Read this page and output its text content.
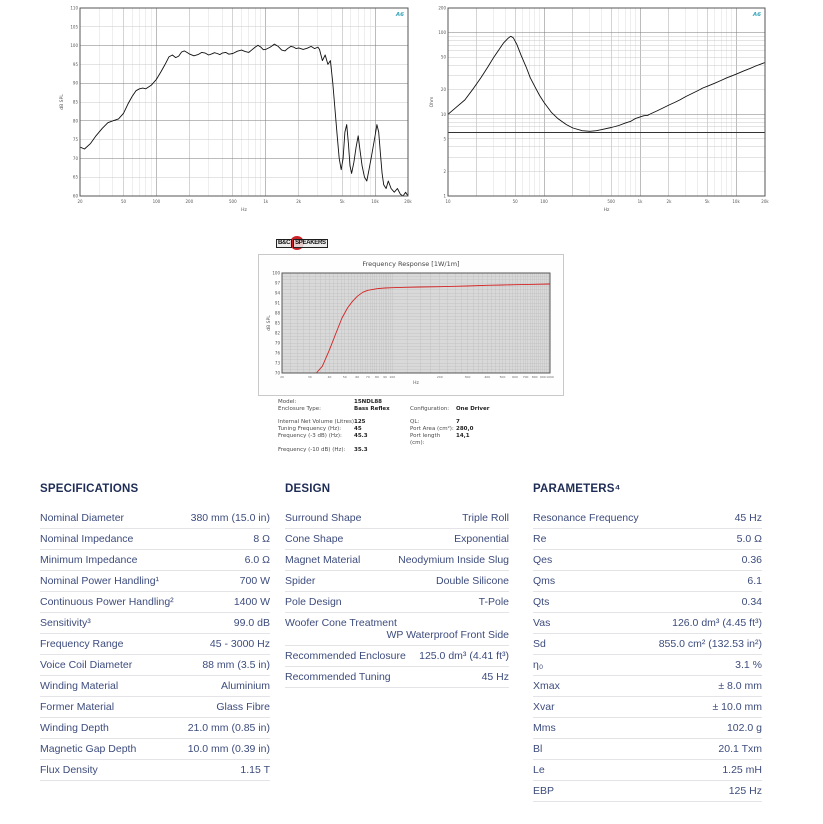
60
65
70
75
80
85
90
95
100
105
110
20	50	100	200	500	1k	2k	5k	10k	20k
Hz
dB SPL
A6
1
2
5
10
20
50
100
200
10	50	100	500	1k	2k	5k	10k	20k
Hz
Ohm
A6
B&C SPEAKERS
Frequency Response [1W/1m]
20	30	40	50	60 70 80 90 100	200	300	400	500 600 700 800 900 1000
70
73
76
79
82
85
88
91
94
97
100
Hz
dB SPL
Model:	15NDL88
Enclosure Type:	Bass Reflex	Configuration:	One Driver
Internal Net Volume (Litres) 125	QL:	7
Tuning Frequency (Hz):	45	Port Area (cm²): 280,0
Frequency (-3 dB) (Hz):	45.3	Port length (cm):
14,1
Frequency (-10 dB) (Hz):	35.3
SPECIFICATIONS
Nominal Diameter	380 mm (15.0 in)
Nominal Impedance	8 Ω
Minimum Impedance	6.0 Ω
Nominal Power Handling¹	700 W
Continuous Power Handling²	1400 W
Sensitivity³	99.0 dB
Frequency Range	45 - 3000 Hz
Voice Coil Diameter	88 mm (3.5 in)
Winding Material	Aluminium
Former Material	Glass Fibre
Winding Depth	21.0 mm (0.85 in)
Magnetic Gap Depth	10.0 mm (0.39 in)
Flux Density	1.15 T
DESIGN
Surround Shape	Triple Roll
Cone Shape	Exponential
Magnet Material	Neodymium Inside Slug
Spider	Double Silicone
Pole Design	T-Pole
Woofer Cone Treatment
WP Waterproof Front Side
Recommended Enclosure 125.0 dm³ (4.41 ft³)
Recommended Tuning	45 Hz
PARAMETERS⁴
Resonance Frequency	45 Hz
Re	5.0 Ω
Qes	0.36
Qms	6.1
Qts	0.34
Vas	126.0 dm³ (4.45 ft³)
Sd	855.0 cm² (132.53 in²)
η₀	3.1 %
Xmax	± 8.0 mm
Xvar	± 10.0 mm
Mms	102.0 g
Bl	20.1 Txm
Le	1.25 mH
EBP	125 Hz
